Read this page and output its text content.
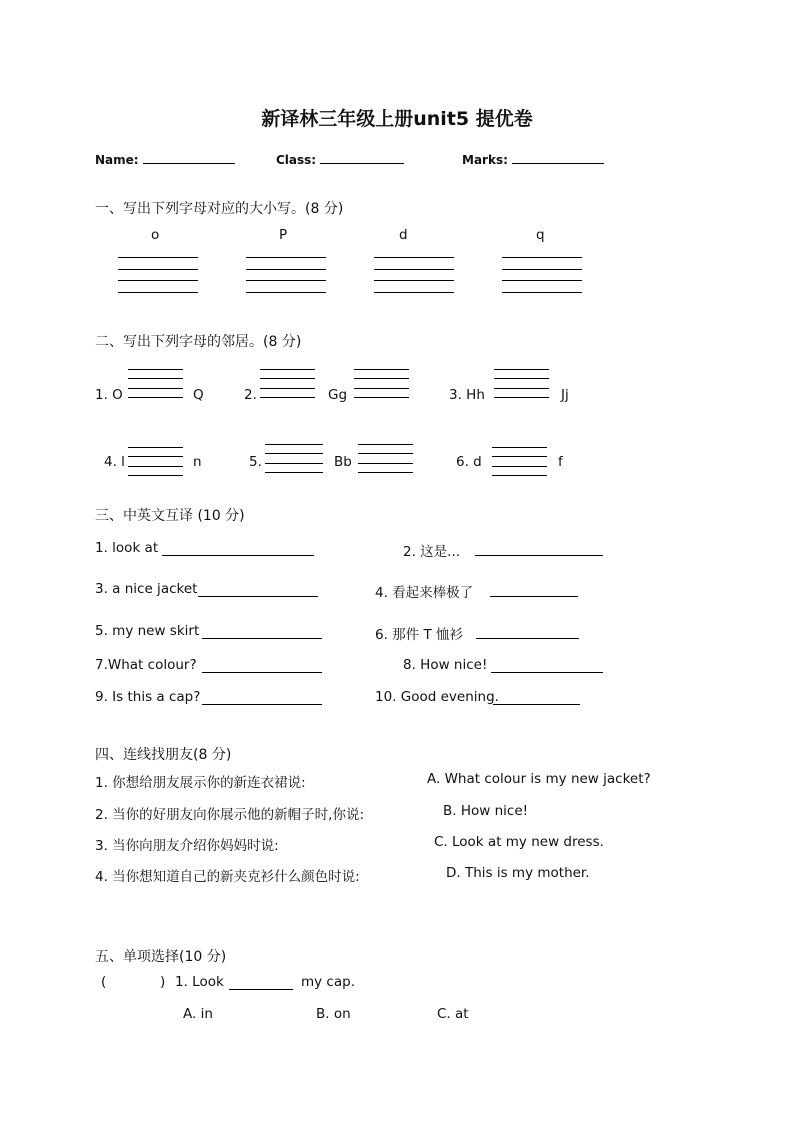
新译林三年级上册unit5 提优卷
Name:	Class:	Marks:
一、写出下列字母对应的大小写。(8 分)
o	P	d	q
二、写出下列字母的邻居。(8 分)
1. O	Q	2.	Gg	3. Hh	Jj
4. l	n	5.	Bb	6. d	f
三、中英文互译 (10 分)
1. look at	2. 这是...
3. a nice jacket	4. 看起来棒极了
5. my new skirt	6. 那件 T 恤衫
7.What colour?	8. How nice!
9. Is this a cap?	10. Good evening.
四、连线找朋友(8 分)
1. 你想给朋友展示你的新连衣裙说:
2. 当你的好朋友向你展示他的新帽子时,你说:
3. 当你向朋友介绍你妈妈时说:
4. 当你想知道自己的新夹克衫什么颜色时说:
A. What colour is my new jacket?
B. How nice!
C. Look at my new dress.
D. This is my mother.
五、单项选择(10 分)
(	) 1. Look	my cap.
A. in	B. on	C. at
